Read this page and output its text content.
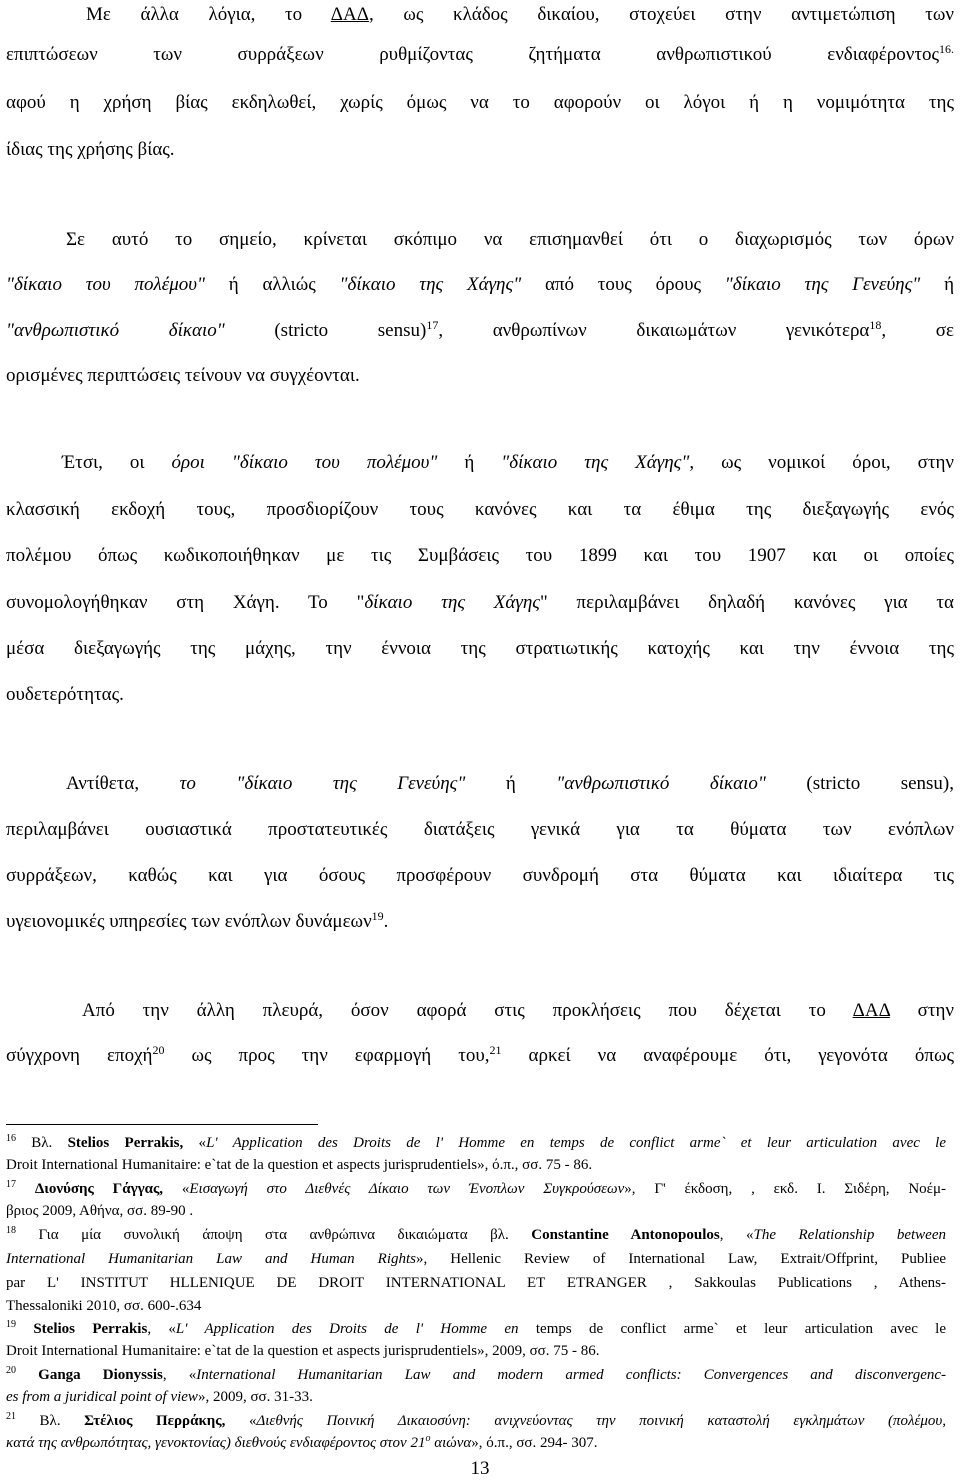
Με άλλα λόγια, το ΔΑΔ, ως κλάδος δικαίου, στοχεύει στην αντιμετώπιση των
επιπτώσεων των συρράξεων ρυθμίζοντας ζητήματα ανθρωπιστικού ενδιαφέροντος$^{16.}$
αφού η χρήση βίας εκδηλωθεί, χωρίς όμως να το αφορούν οι λόγοι ή η νομιμότητα της
ίδιας της χρήσης βίας.
Σε αυτό το σημείο, κρίνεται σκόπιμο να επισημανθεί ότι ο διαχωρισμός των όρων
"δίκαιο του πολέμου" ή αλλιώς "δίκαιο της Χάγης" από τους όρους "δίκαιο της Γενεύης" ή
"ανθρωπιστικό δίκαιο" (stricto sensu)$^{17}$, ανθρωπίνων δικαιωμάτων γενικότερα$^{18}$, σε
ορισμένες περιπτώσεις τείνουν να συγχέονται.
Έτσι, οι όροι "δίκαιο του πολέμου" ή "δίκαιο της Χάγης", ως νομικοί όροι, στην
κλασσική εκδοχή τους, προσδιορίζουν τους κανόνες και τα έθιμα της διεξαγωγής ενός
πολέμου όπως κωδικοποιήθηκαν με τις Συμβάσεις του 1899 και του 1907 και οι οποίες
συνομολογήθηκαν στη Χάγη. Το "δίκαιο της Χάγης" περιλαμβάνει δηλαδή κανόνες για τα
μέσα διεξαγωγής της μάχης, την έννοια της στρατιωτικής κατοχής και την έννοια της
ουδετερότητας.
Αντίθετα, το "δίκαιο της Γενεύης" ή "ανθρωπιστικό δίκαιο" (stricto sensu),
περιλαμβάνει ουσιαστικά προστατευτικές διατάξεις γενικά για τα θύματα των ενόπλων
συρράξεων, καθώς και για όσους προσφέρουν συνδρομή στα θύματα και ιδιαίτερα τις
υγειονομικές υπηρεσίες των ενόπλων δυνάμεων$^{19}$.
Από την άλλη πλευρά, όσον αφορά στις προκλήσεις που δέχεται το ΔΑΔ στην
σύγχρονη εποχή$^{20}$ ως προς την εφαρμογή του,$^{21}$ αρκεί να αναφέρουμε ότι, γεγονότα όπως
$^{16}$ Βλ. Stelios Perrakis, «L' Application des Droits de l' Homme en temps de conflict arme` et leur articulation avec le
Droit International Humanitaire: e`tat de la question et aspects jurisprudentiels», ό.π., σσ. 75 - 86.
$^{17}$ Διονύσης Γάγγας, «Εισαγωγή στο Διεθνές Δίκαιο των Ένοπλων Συγκρούσεων», Γ' έκδοση, , εκδ. Ι. Σιδέρη, Νοέμ-
βριος 2009, Αθήνα, σσ. 89-90 .
$^{18}$ Για μία συνολική άποψη στα ανθρώπινα δικαιώματα βλ. Constantine Antonopoulos, «The Relationship between
International Humanitarian Law and Human Rights», Hellenic Review of International Law, Extrait/Offprint, Publiee
par L' INSTITUT HLLENIQUE DE DROIT INTERNATIONAL ET ETRANGER , Sakkoulas Publications , Athens-
Thessaloniki 2010, σσ. 600-.634
$^{19}$ Stelios Perrakis, «L' Application des Droits de l' Homme en temps de conflict arme` et leur articulation avec le
Droit International Humanitaire: e`tat de la question et aspects jurisprudentiels», 2009, σσ. 75 - 86.
$^{20}$ Ganga Dionyssis, «International Humanitarian Law and modern armed conflicts: Convergences and disconvergenc-
es from a juridical point of view», 2009, σσ. 31-33.
$^{21}$ Βλ. Στέλιος Περράκης, «Διεθνής Ποινική Δικαιοσύνη: ανιχνεύοντας την ποινική καταστολή εγκλημάτων (πολέμου,
κατά της ανθρωπότητας, γενοκτονίας) διεθνούς ενδιαφέροντος στον $21^o$ αιώνα», ό.π., σσ. 294- 307.
13
